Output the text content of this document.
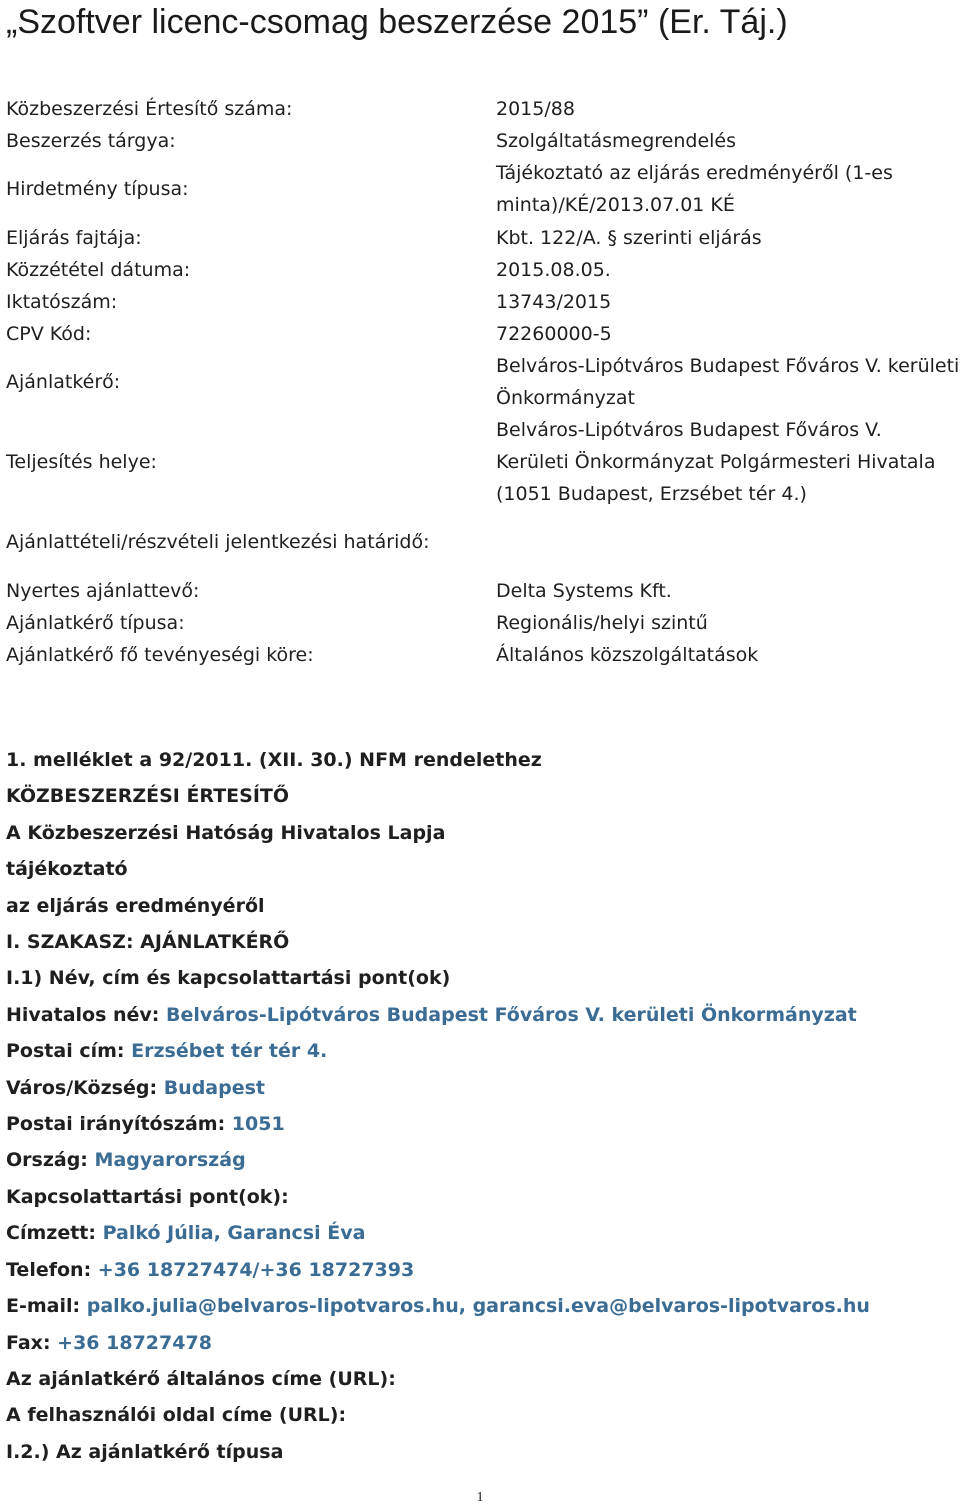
„Szoftver licenc-csomag beszerzése 2015” (Er. Táj.)
Közbeszerzési Értesítő száma:	2015/88
Beszerzés tárgya:	Szolgáltatásmegrendelés
Hirdetmény típusa:
Tájékoztató az eljárás eredményéről (1-es minta)/KÉ/2013.07.01 KÉ
Eljárás fajtája:	Kbt. 122/A. § szerinti eljárás
Közzététel dátuma:	2015.08.05.
Iktatószám:	13743/2015
CPV Kód:	72260000-5
Ajánlatkérő:
Belváros-Lipótváros Budapest Főváros V. kerületi Önkormányzat
Teljesítés helye:
Belváros-Lipótváros Budapest Főváros V. Kerületi Önkormányzat Polgármesteri Hivatala (1051 Budapest, Erzsébet tér 4.)
Ajánlattételi/részvételi jelentkezési határidő:
Nyertes ajánlattevő:	Delta Systems Kft.
Ajánlatkérő típusa:	Regionális/helyi szintű
Ajánlatkérő fő tevényeségi köre:	Általános közszolgáltatások
1. melléklet a 92/2011. (XII. 30.) NFM rendelethez
KÖZBESZERZÉSI ÉRTESÍTŐ
A Közbeszerzési Hatóság Hivatalos Lapja
tájékoztató
az eljárás eredményéről
I. SZAKASZ: AJÁNLATKÉRŐ
I.1) Név, cím és kapcsolattartási pont(ok)
Hivatalos név: Belváros-Lipótváros Budapest Főváros V. kerületi Önkormányzat
Postai cím: Erzsébet tér tér 4.
Város/Község: Budapest
Postai irányítószám: 1051
Ország: Magyarország
Kapcsolattartási pont(ok):
Címzett: Palkó Júlia, Garancsi Éva
Telefon: +36 18727474/+36 18727393
E-mail: palko.julia@belvaros-lipotvaros.hu, garancsi.eva@belvaros-lipotvaros.hu
Fax: +36 18727478
Az ajánlatkérő általános címe (URL):
A felhasználói oldal címe (URL):
I.2.) Az ajánlatkérő típusa
1
